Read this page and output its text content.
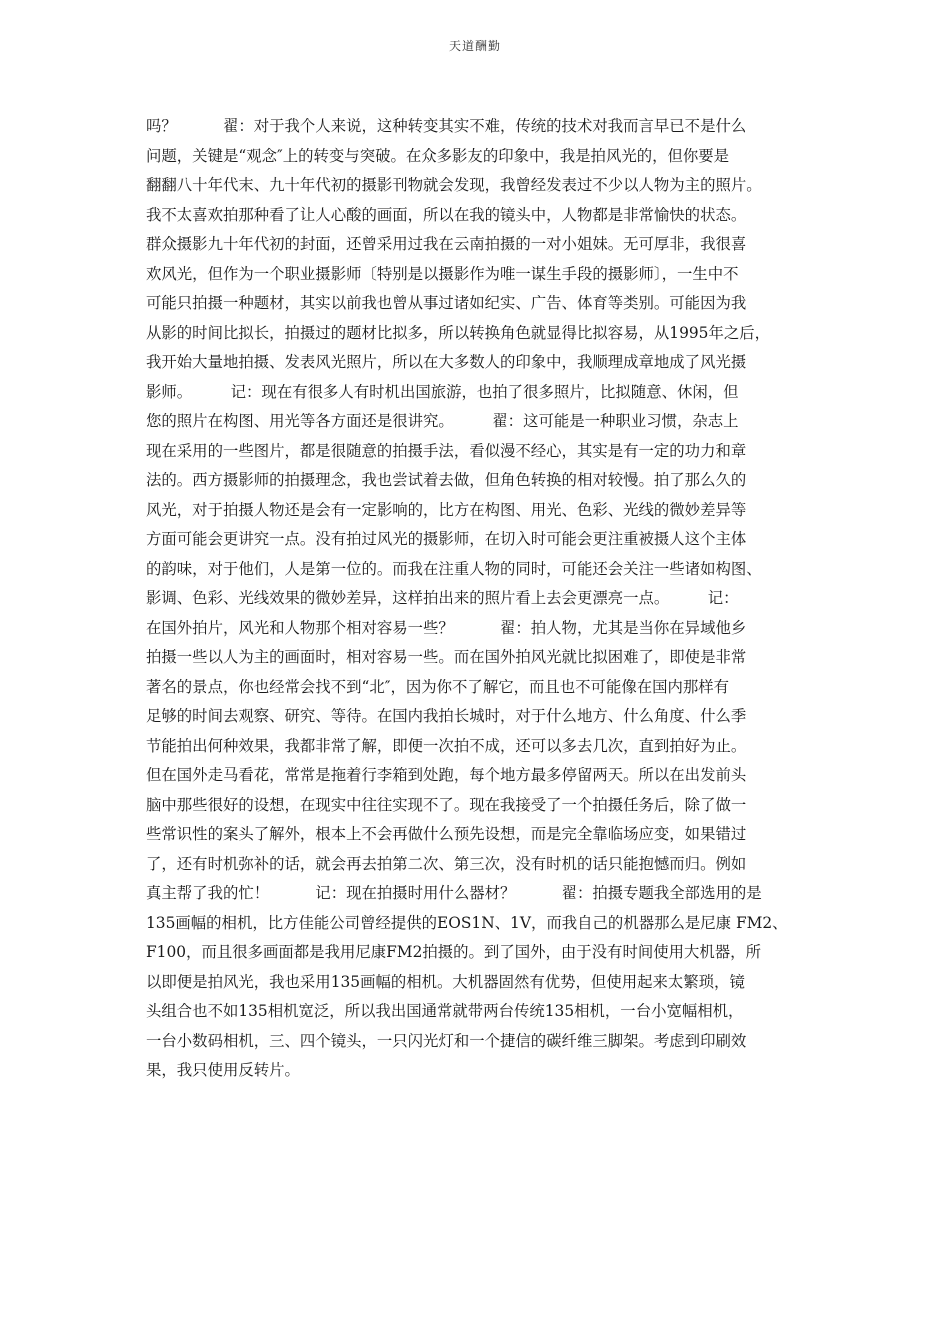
天道酬勤
吗？　　　翟：对于我个人来说，这种转变其实不难，传统的技术对我而言早已不是什么
问题，关键是“观念″上的转变与突破。在众多影友的印象中，我是拍风光的，但你要是
翻翻八十年代末、九十年代初的摄影刊物就会发现，我曾经发表过不少以人物为主的照片。
我不太喜欢拍那种看了让人心酸的画面，所以在我的镜头中，人物都是非常愉快的状态。
群众摄影九十年代初的封面，还曾采用过我在云南拍摄的一对小姐妹。无可厚非，我很喜
欢风光，但作为一个职业摄影师〔特别是以摄影作为唯一谋生手段的摄影师〕，一生中不
可能只拍摄一种题材，其实以前我也曾从事过诸如纪实、广告、体育等类别。可能因为我
从影的时间比拟长，拍摄过的题材比拟多，所以转换角色就显得比拟容易，从1995年之后，
我开始大量地拍摄、发表风光照片，所以在大多数人的印象中，我顺理成章地成了风光摄
影师。　　　记：现在有很多人有时机出国旅游，也拍了很多照片，比拟随意、休闲，但
您的照片在构图、用光等各方面还是很讲究。　　　翟：这可能是一种职业习惯，杂志上
现在采用的一些图片，都是很随意的拍摄手法，看似漫不经心，其实是有一定的功力和章
法的。西方摄影师的拍摄理念，我也尝试着去做，但角色转换的相对较慢。拍了那么久的
风光，对于拍摄人物还是会有一定影响的，比方在构图、用光、色彩、光线的微妙差异等
方面可能会更讲究一点。没有拍过风光的摄影师，在切入时可能会更注重被摄人这个主体
的韵味，对于他们，人是第一位的。而我在注重人物的同时，可能还会关注一些诸如构图、
影调、色彩、光线效果的微妙差异，这样拍出来的照片看上去会更漂亮一点。　　　记：
在国外拍片，风光和人物那个相对容易一些？　　　翟：拍人物，尤其是当你在异域他乡
拍摄一些以人为主的画面时，相对容易一些。而在国外拍风光就比拟困难了，即使是非常
著名的景点，你也经常会找不到“北″，因为你不了解它，而且也不可能像在国内那样有
足够的时间去观察、研究、等待。在国内我拍长城时，对于什么地方、什么角度、什么季
节能拍出何种效果，我都非常了解，即便一次拍不成，还可以多去几次，直到拍好为止。
但在国外走马看花，常常是拖着行李箱到处跑，每个地方最多停留两天。所以在出发前头
脑中那些很好的设想，在现实中往往实现不了。现在我接受了一个拍摄任务后，除了做一
些常识性的案头了解外，根本上不会再做什么预先设想，而是完全靠临场应变，如果错过
了，还有时机弥补的话，就会再去拍第二次、第三次，没有时机的话只能抱憾而归。例如
真主帮了我的忙！　　　记：现在拍摄时用什么器材？　　　翟：拍摄专题我全部选用的是
135画幅的相机，比方佳能公司曾经提供的EOS1N、1V，而我自己的机器那么是尼康 FM2、
F100，而且很多画面都是我用尼康FM2拍摄的。到了国外，由于没有时间使用大机器，所
以即便是拍风光，我也采用135画幅的相机。大机器固然有优势，但使用起来太繁琐，镜
头组合也不如135相机宽泛，所以我出国通常就带两台传统135相机，一台小宽幅相机，
一台小数码相机，三、四个镜头，一只闪光灯和一个捷信的碳纤维三脚架。考虑到印刷效
果，我只使用反转片。
